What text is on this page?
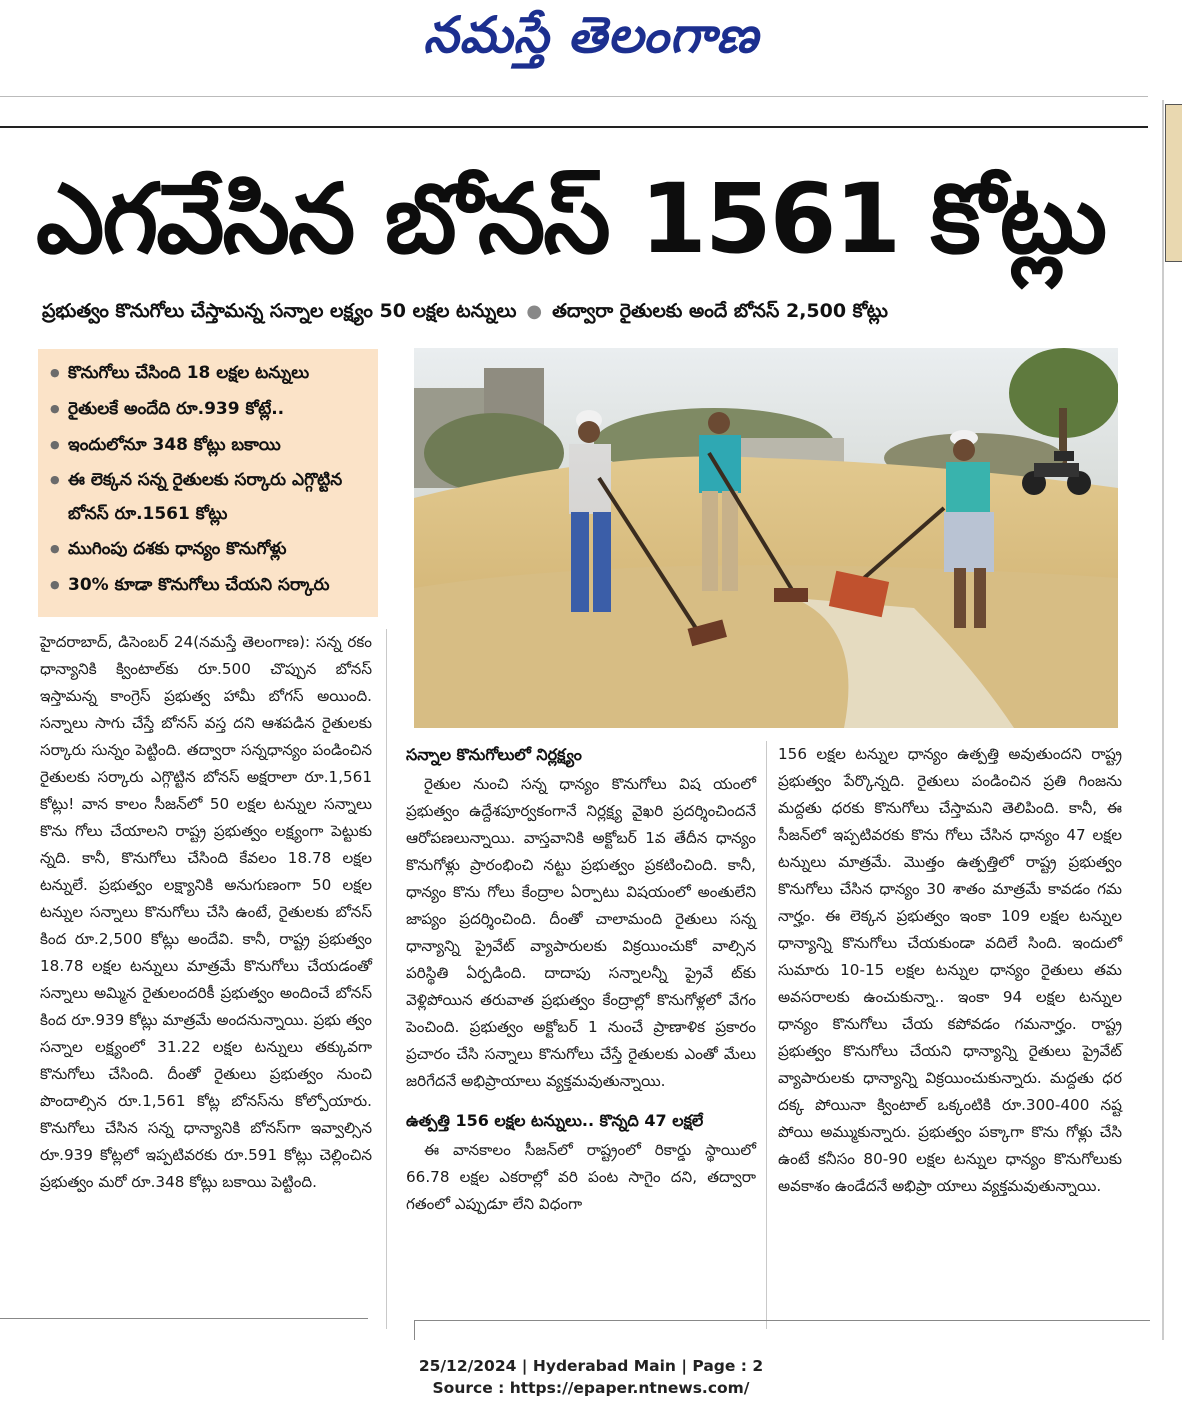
నమస్తే తెలంగాణ
ఎగవేసిన బోనస్ 1561 కోట్లు
ప్రభుత్వం కొనుగోలు చేస్తామన్న సన్నాల లక్ష్యం 50 లక్షల టన్నులు ● తద్వారా రైతులకు అందే బోనస్ 2,500 కోట్లు
● కొనుగోలు చేసింది 18 లక్షల టన్నులు
● రైతులకే అందేది రూ.939 కోట్లే..
● ఇందులోనూ 348 కోట్లు బకాయి
● ఈ లెక్కన సన్న రైతులకు సర్కారు ఎగ్గొట్టిన బోనస్ రూ.1561 కోట్లు
● ముగింపు దశకు ధాన్యం కొనుగోళ్లు
● 30% కూడా కొనుగోలు చేయని సర్కారు

హైదరాబాద్, డిసెంబర్ 24(నమస్తే తెలంగాణ): సన్న రకం ధాన్యానికి క్వింటాల్‌కు రూ.500 చొప్పున బోనస్ ఇస్తామన్న కాంగ్రెస్ ప్రభుత్వ హామీ బోగస్ అయింది. సన్నాలు సాగు చేస్తే బోనస్ వస్త దని ఆశపడిన రైతులకు సర్కారు సున్నం పెట్టింది. తద్వారా సన్నధాన్యం పండించిన రైతులకు సర్కారు ఎగ్గొట్టిన బోనస్ అక్షరాలా రూ.1,561 కోట్లు! వాన కాలం సీజన్‌లో 50 లక్షల టన్నుల సన్నాలు కొను గోలు చేయాలని రాష్ట్ర ప్రభుత్వం లక్ష్యంగా పెట్టుకు న్నది. కానీ, కొనుగోలు చేసింది కేవలం 18.78 లక్షల టన్నులే. ప్రభుత్వం లక్ష్యానికి అనుగుణంగా 50 లక్షల టన్నుల సన్నాలు కొనుగోలు చేసి ఉంటే, రైతులకు బోనస్ కింద రూ.2,500 కోట్లు అందేవి. కానీ, రాష్ట్ర ప్రభుత్వం 18.78 లక్షల టన్నులు మాత్రమే కొనుగోలు చేయడంతో సన్నాలు అమ్మిన రైతులందరికీ ప్రభుత్వం అందించే బోనస్ కింద రూ.939 కోట్లు మాత్రమే అందనున్నాయి. ప్రభు త్వం సన్నాల లక్ష్యంలో 31.22 లక్షల టన్నులు తక్కువగా కొనుగోలు చేసింది. దీంతో రైతులు ప్రభుత్వం నుంచి పొందాల్సిన రూ.1,561 కోట్ల బోనస్‌ను కోల్పోయారు. కొనుగోలు చేసిన సన్న ధాన్యానికి బోనస్‌గా ఇవ్వాల్సిన రూ.939 కోట్లలో ఇప్పటివరకు రూ.591 కోట్లు చెల్లించిన ప్రభుత్వం మరో రూ.348 కోట్లు బకాయి పెట్టింది.

సన్నాల కొనుగోలులో నిర్లక్ష్యం

రైతుల నుంచి సన్న ధాన్యం కొనుగోలు విష యంలో ప్రభుత్వం ఉద్దేశపూర్వకంగానే నిర్లక్ష్య వైఖరి ప్రదర్శించిందనే ఆరోపణలున్నాయి. వాస్తవానికి అక్టోబర్ 1వ తేదీన ధాన్యం కొనుగోళ్లు ప్రారంభించి నట్టు ప్రభుత్వం ప్రకటించింది. కానీ, ధాన్యం కొను గోలు కేంద్రాల ఏర్పాటు విషయంలో అంతులేని జాప్యం ప్రదర్శించింది. దీంతో చాలామంది రైతులు సన్న ధాన్యాన్ని ప్రైవేట్ వ్యాపారులకు విక్రయించుకో వాల్సిన పరిస్థితి ఏర్పడింది. దాదాపు సన్నాలన్నీ ప్రైవే ట్‌కు వెళ్లిపోయిన తరువాత ప్రభుత్వం కేంద్రాల్లో కొనుగోళ్లలో వేగం పెంచింది. ప్రభుత్వం అక్టోబర్ 1 నుంచే ప్రాణాళిక ప్రకారం ప్రచారం చేసి సన్నాలు కొనుగోలు చేస్తే రైతులకు ఎంతో మేలు జరిగేదనే అభిప్రాయాలు వ్యక్తమవుతున్నాయి.

ఉత్పత్తి 156 లక్షల టన్నులు.. కొన్నది 47 లక్షలే

ఈ వానకాలం సీజన్‌లో రాష్ట్రంలో రికార్డు స్థాయిలో 66.78 లక్షల ఎకరాల్లో వరి పంట సాగైం దని, తద్వారా గతంలో ఎప్పుడూ లేని విధంగా

156 లక్షల టన్నుల ధాన్యం ఉత్పత్తి అవుతుందని రాష్ట్ర ప్రభుత్వం పేర్కొన్నది. రైతులు పండించిన ప్రతి గింజను మద్దతు ధరకు కొనుగోలు చేస్తామని తెలిపింది. కానీ, ఈ సీజన్‌లో ఇప్పటివరకు కొను గోలు చేసిన ధాన్యం 47 లక్షల టన్నులు మాత్రమే. మొత్తం ఉత్పత్తిలో రాష్ట్ర ప్రభుత్వం కొనుగోలు చేసిన ధాన్యం 30 శాతం మాత్రమే కావడం గమ నార్హం. ఈ లెక్కన ప్రభుత్వం ఇంకా 109 లక్షల టన్నుల ధాన్యాన్ని కొనుగోలు చేయకుండా వదిలే సింది. ఇందులో సుమారు 10-15 లక్షల టన్నుల ధాన్యం రైతులు తమ అవసరాలకు ఉంచుకున్నా.. ఇంకా 94 లక్షల టన్నుల ధాన్యం కొనుగోలు చేయ కపోవడం గమనార్హం. రాష్ట్ర ప్రభుత్వం కొనుగోలు చేయని ధాన్యాన్ని రైతులు ప్రైవేట్ వ్యాపారులకు ధాన్యాన్ని విక్రయించుకున్నారు. మద్దతు ధర దక్క పోయినా క్వింటాల్ ఒక్కంటికి రూ.300-400 నష్ట పోయి అమ్ముకున్నారు. ప్రభుత్వం పక్కాగా కొను గోళ్లు చేసి ఉంటే కనీసం 80-90 లక్షల టన్నుల ధాన్యం కొనుగోలుకు అవకాశం ఉండేదనే అభిప్రా యాలు వ్యక్తమవుతున్నాయి.

25/12/2024 | Hyderabad Main | Page : 2
Source : https://epaper.ntnews.com/
